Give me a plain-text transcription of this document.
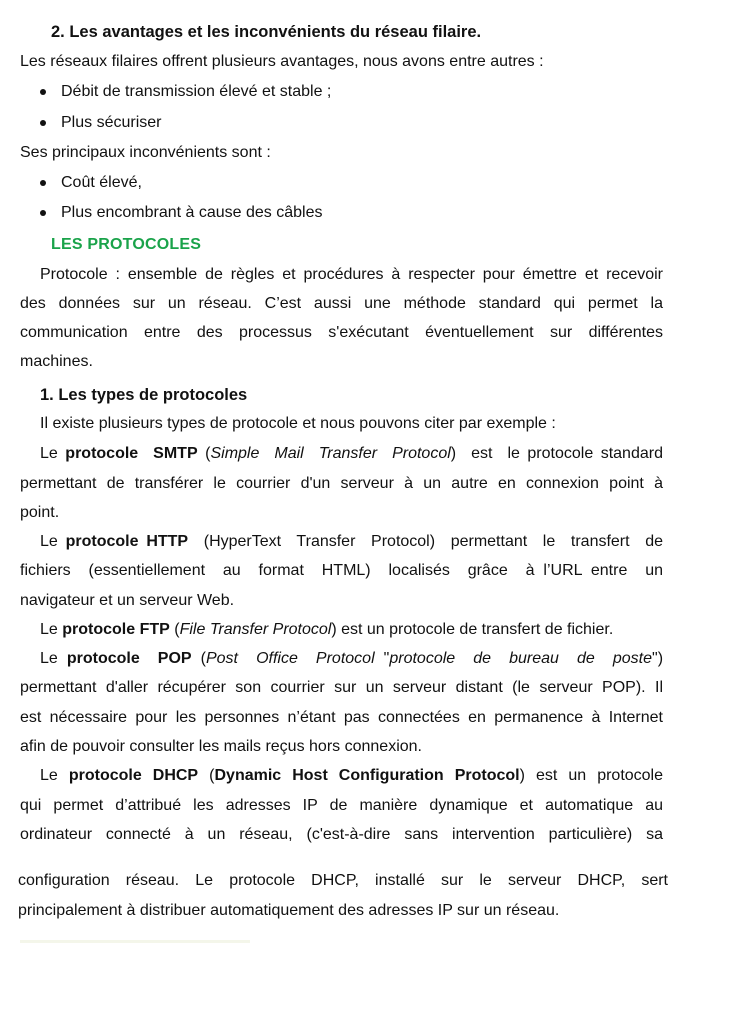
2. Les avantages et les inconvénients du réseau filaire.
Les réseaux filaires offrent plusieurs avantages, nous avons entre autres :
Débit de transmission élevé et stable ;
Plus sécuriser
Ses principaux inconvénients sont :
Coût élevé,
Plus encombrant à cause des câbles
LES PROTOCOLES
Protocole : ensemble de règles et procédures à respecter pour émettre et recevoir
des données sur un réseau. C’est aussi une méthode standard qui permet la
communication entre des processus s'exécutant éventuellement sur différentes
machines.
1. Les types de protocoles
Il existe plusieurs types de protocole et nous pouvons citer par exemple :
Le protocole  SMTP (Simple  Mail  Transfer  Protocol)  est  le protocole standard
permettant de transférer le courrier d'un serveur à un autre en connexion point à
point.
Le protocole HTTP  (HyperText  Transfer  Protocol)  permettant  le  transfert  de
fichiers  (essentiellement  au  format  HTML)  localisés  grâce  à l’URL entre  un
navigateur et un serveur Web.
Le protocole FTP (File Transfer Protocol) est un protocole de transfert de fichier.
Le protocole  POP (Post  Office  Protocol "protocole  de  bureau  de  poste")
permettant d'aller récupérer son courrier sur un serveur distant (le serveur POP). Il
est nécessaire pour les personnes n’étant pas connectées en permanence à Internet
afin de pouvoir consulter les mails reçus hors connexion.
Le protocole DHCP (Dynamic Host Configuration Protocol) est un protocole
qui permet d’attribué les adresses IP de manière dynamique et automatique au
ordinateur connecté à un réseau, (c'est-à-dire sans intervention particulière) sa
configuration réseau. Le protocole DHCP, installé sur le serveur DHCP, sert
principalement à distribuer automatiquement des adresses IP sur un réseau.
